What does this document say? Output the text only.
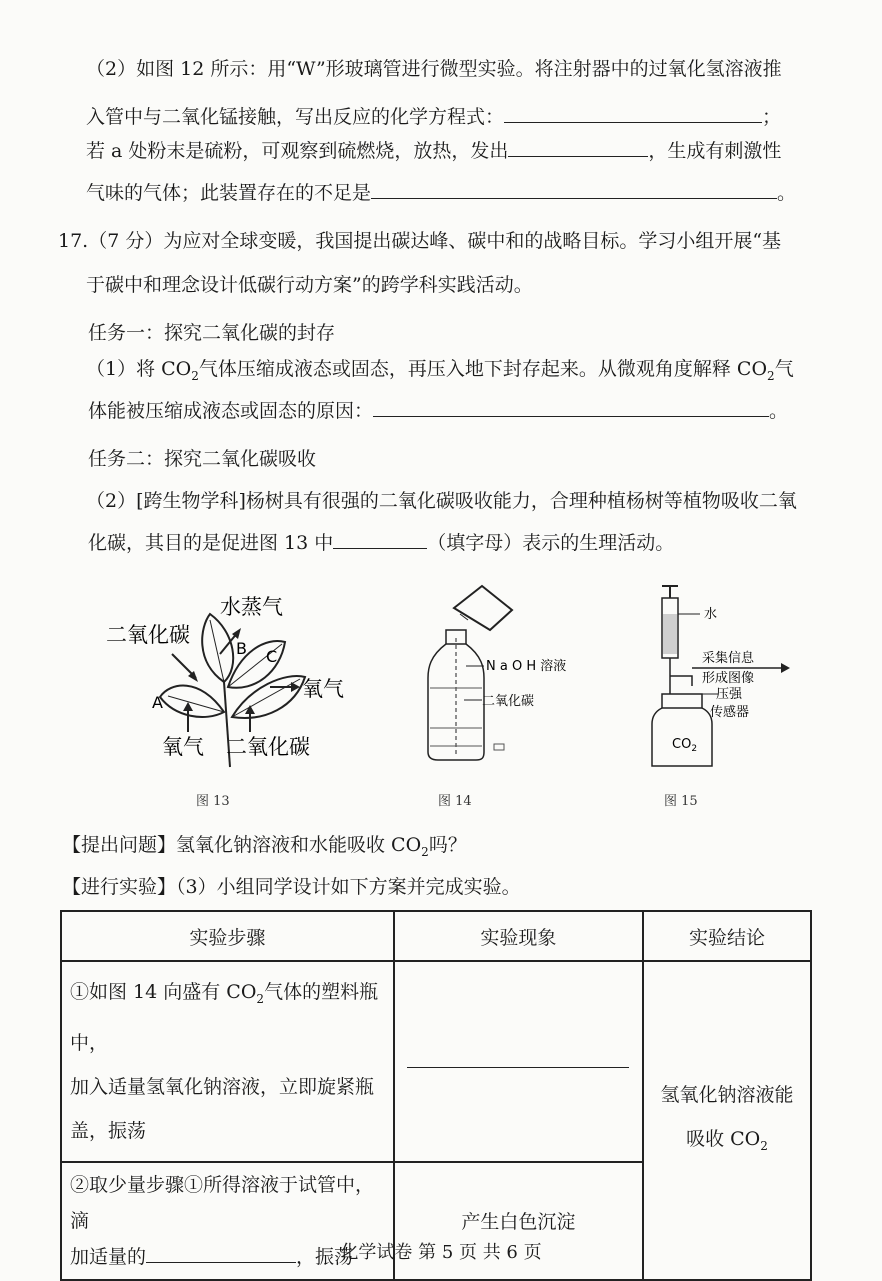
（2）如图 12 所示：用“W”形玻璃管进行微型实验。将注射器中的过氧化氢溶液推
入管中与二氧化锰接触，写出反应的化学方程式：	；
若 a 处粉末是硫粉，可观察到硫燃烧，放热，发出	，生成有刺激性
气味的气体；此装置存在的不足是	。
17.（7 分）为应对全球变暖，我国提出碳达峰、碳中和的战略目标。学习小组开展“基
于碳中和理念设计低碳行动方案”的跨学科实践活动。
任务一：探究二氧化碳的封存
（1）将 $CO_2$气体压缩成液态或固态，再压入地下封存起来。从微观角度解释 $CO_2$气
体能被压缩成液态或固态的原因：	。
任务二：探究二氧化碳吸收
（2）[跨生物学科]杨树具有很强的二氧化碳吸收能力，合理种植杨树等植物吸收二氧
化碳，其目的是促进图 13 中	（填字母）表示的生理活动。
二氧化碳
水蒸气
B C
A
氧气
氧气 二氧化碳
图 13
N a O H 溶液
二氧化碳
图 14
水
采集信息
形成图像
压强
传感器
$CO_2$
图 15
【提出问题】氢氧化钠溶液和水能吸收 $CO_2$吗？
【进行实验】（3）小组同学设计如下方案并完成实验。
实验步骤	实验现象	实验结论
①如图 14 向盛有 $CO_2$气体的塑料瓶中，
加入适量氢氧化钠溶液，立即旋紧瓶
盖，振荡		氢氧化钠溶液能
吸收 $CO_2$
②取少量步骤①所得溶液于试管中，滴
加适量的 ，振荡	产生白色沉淀	
化学试卷 第 5 页 共 6 页
